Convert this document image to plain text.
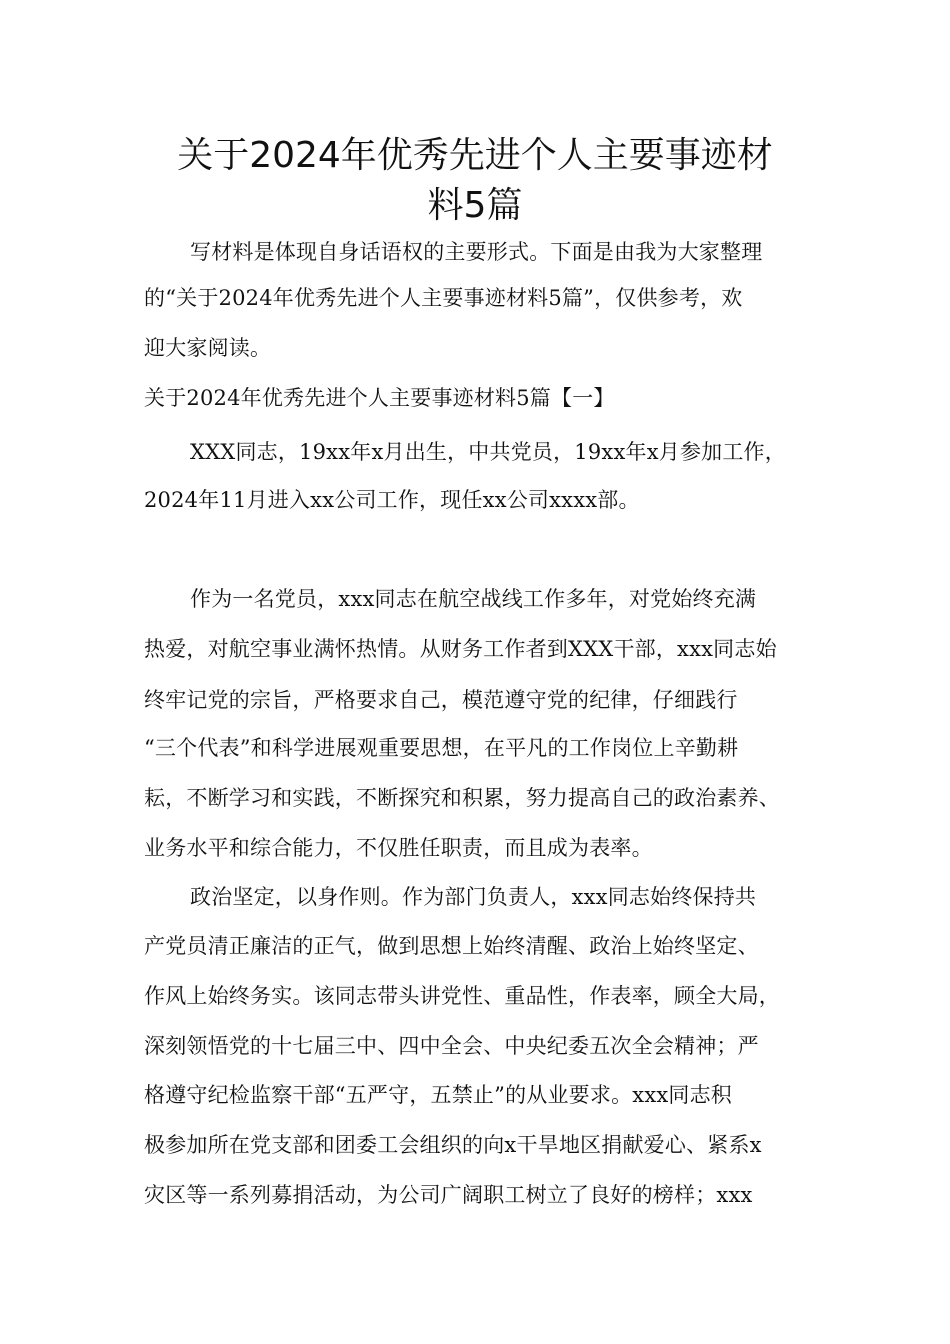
关于2024年优秀先进个人主要事迹材
料5篇
写材料是体现自身话语权的主要形式。下面是由我为大家整理
的“关于2024年优秀先进个人主要事迹材料5篇”，仅供参考，欢
迎大家阅读。
关于2024年优秀先进个人主要事迹材料5篇【一】
XXX同志，19xx年x月出生，中共党员，19xx年x月参加工作，
2024年11月进入xx公司工作，现任xx公司xxxx部。
作为一名党员，xxx同志在航空战线工作多年，对党始终充满
热爱，对航空事业满怀热情。从财务工作者到XXX干部，xxx同志始
终牢记党的宗旨，严格要求自己，模范遵守党的纪律，仔细践行
“三个代表”和科学进展观重要思想，在平凡的工作岗位上辛勤耕
耘，不断学习和实践，不断探究和积累，努力提高自己的政治素养、
业务水平和综合能力，不仅胜任职责，而且成为表率。
政治坚定，以身作则。作为部门负责人，xxx同志始终保持共
产党员清正廉洁的正气，做到思想上始终清醒、政治上始终坚定、
作风上始终务实。该同志带头讲党性、重品性，作表率，顾全大局，
深刻领悟党的十七届三中、四中全会、中央纪委五次全会精神；严
格遵守纪检监察干部“五严守，五禁止”的从业要求。xxx同志积
极参加所在党支部和团委工会组织的向x干旱地区捐献爱心、紧系x
灾区等一系列募捐活动，为公司广阔职工树立了良好的榜样；xxx
